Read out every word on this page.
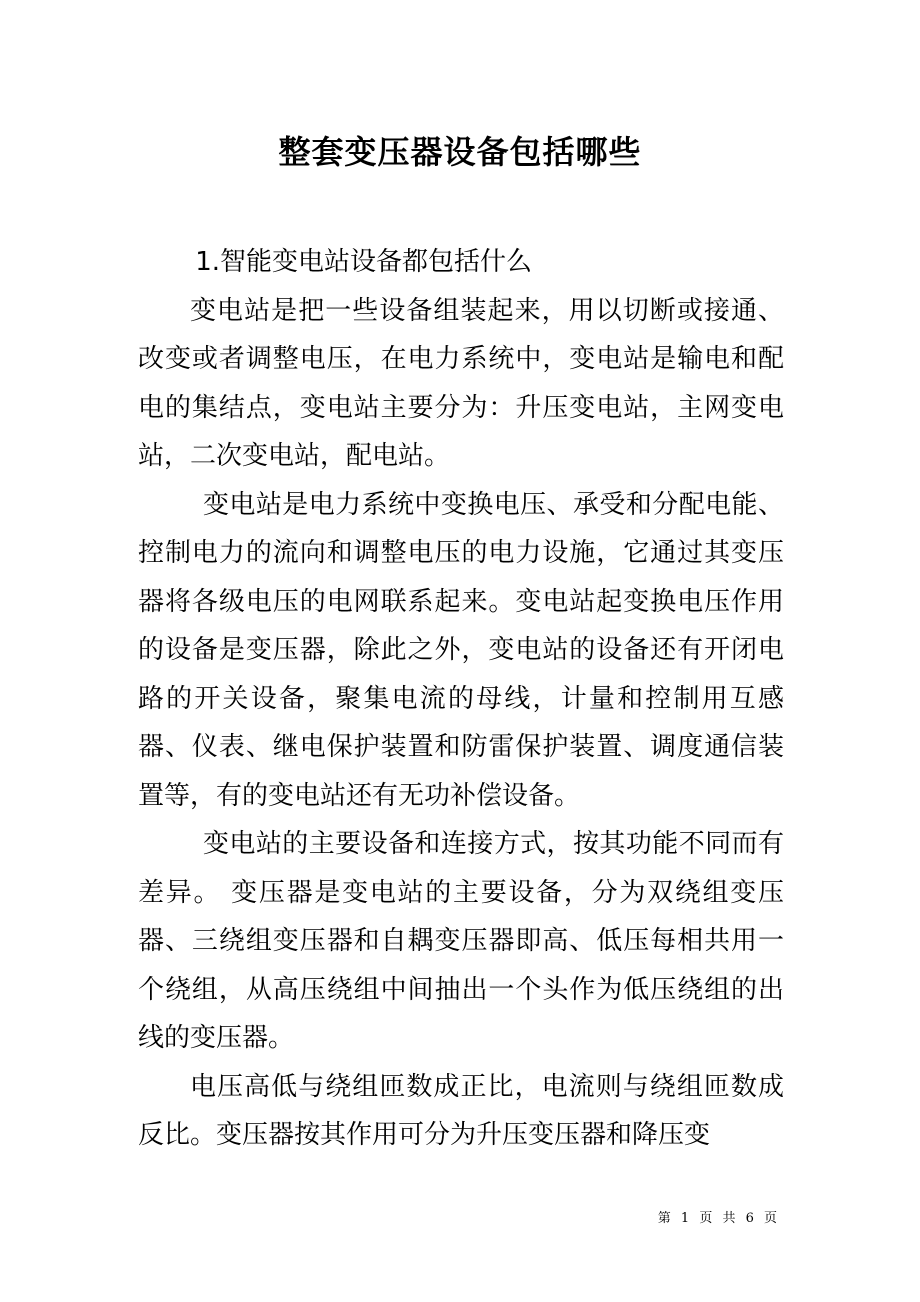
整套变压器设备包括哪些

1.智能变电站设备都包括什么

变电站是把一些设备组装起来，用以切断或接通、改变或者调整电压，在电力系统中，变电站是输电和配电的集结点，变电站主要分为：升压变电站，主网变电站，二次变电站，配电站。

变电站是电力系统中变换电压、承受和分配电能、控制电力的流向和调整电压的电力设施，它通过其变压器将各级电压的电网联系起来。变电站起变换电压作用的设备是变压器，除此之外，变电站的设备还有开闭电路的开关设备，聚集电流的母线，计量和控制用互感器、仪表、继电保护装置和防雷保护装置、调度通信装置等，有的变电站还有无功补偿设备。

变电站的主要设备和连接方式，按其功能不同而有差异。 变压器是变电站的主要设备，分为双绕组变压器、三绕组变压器和自耦变压器即高、低压每相共用一个绕组，从高压绕组中间抽出一个头作为低压绕组的出线的变压器。

电压高低与绕组匝数成正比，电流则与绕组匝数成反比。变压器按其作用可分为升压变压器和降压变

第 1 页 共 6 页
